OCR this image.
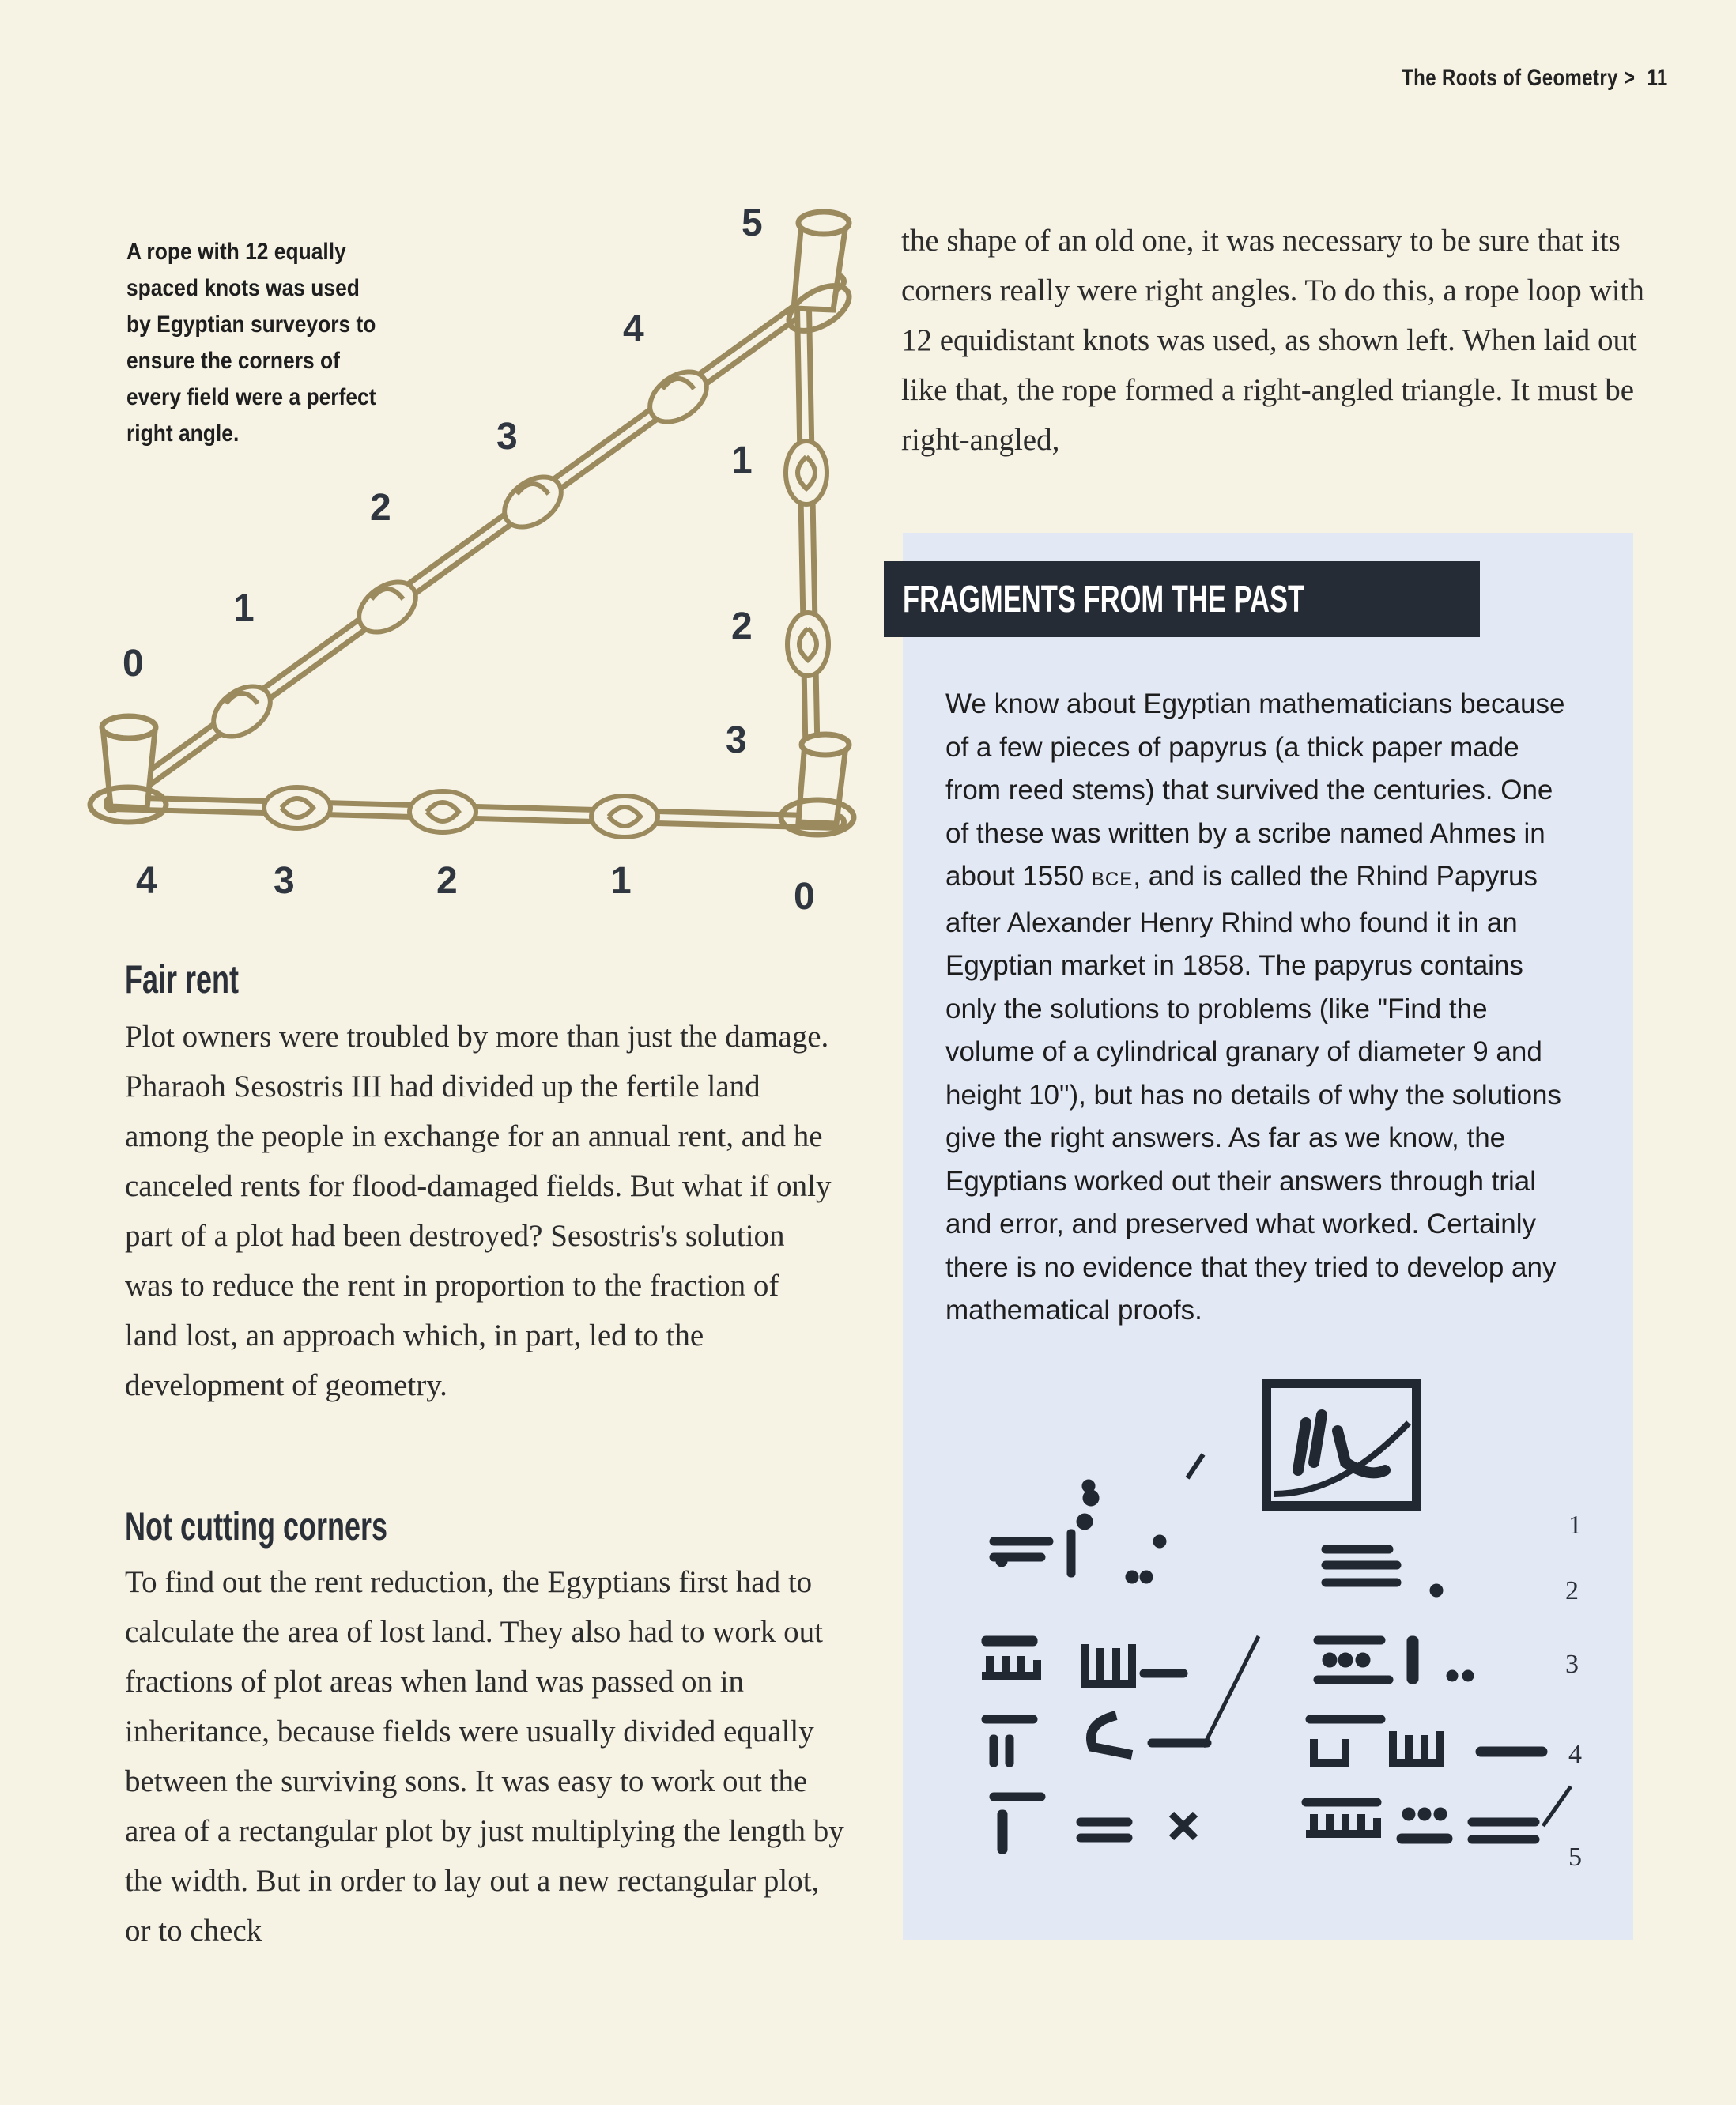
The Roots of Geometry > 11
A rope with 12 equally spaced knots was used by Egyptian surveyors to ensure the corners of every field were a perfect right angle.
0
1
2
3
4
5
1
2
3
4	3	2	1	0
Fair rent
Plot owners were troubled by more than just the damage. Pharaoh Sesostris III had divided up the fertile land among the people in exchange for an annual rent, and he canceled rents for flood-damaged fields. But what if only part of a plot had been destroyed? Sesostris's solution was to reduce the rent in proportion to the fraction of land lost, an approach which, in part, led to the development of geometry.
Not cutting corners
To find out the rent reduction, the Egyptians first had to calculate the area of lost land. They also had to work out fractions of plot areas when land was passed on in inheritance, because fields were usually divided equally between the surviving sons. It was easy to work out the area of a rectangular plot by just multiplying the length by the width. But in order to lay out a new rectangular plot, or to check
the shape of an old one, it was necessary to be sure that its corners really were right angles. To do this, a rope loop with 12 equidistant knots was used, as shown left. When laid out like that, the rope formed a right-angled triangle. It must be right-angled,
FRAGMENTS FROM THE PAST
We know about Egyptian mathematicians because of a few pieces of papyrus (a thick paper made from reed stems) that survived the centuries. One of these was written by a scribe named Ahmes in about 1550 BCE, and is called the Rhind Papyrus after Alexander Henry Rhind who found it in an Egyptian market in 1858. The papyrus contains only the solutions to problems (like "Find the volume of a cylindrical granary of diameter 9 and height 10"), but has no details of why the solutions give the right answers. As far as we know, the Egyptians worked out their answers through trial and error, and preserved what worked. Certainly there is no evidence that they tried to develop any mathematical proofs.
1
2
3
4
5
